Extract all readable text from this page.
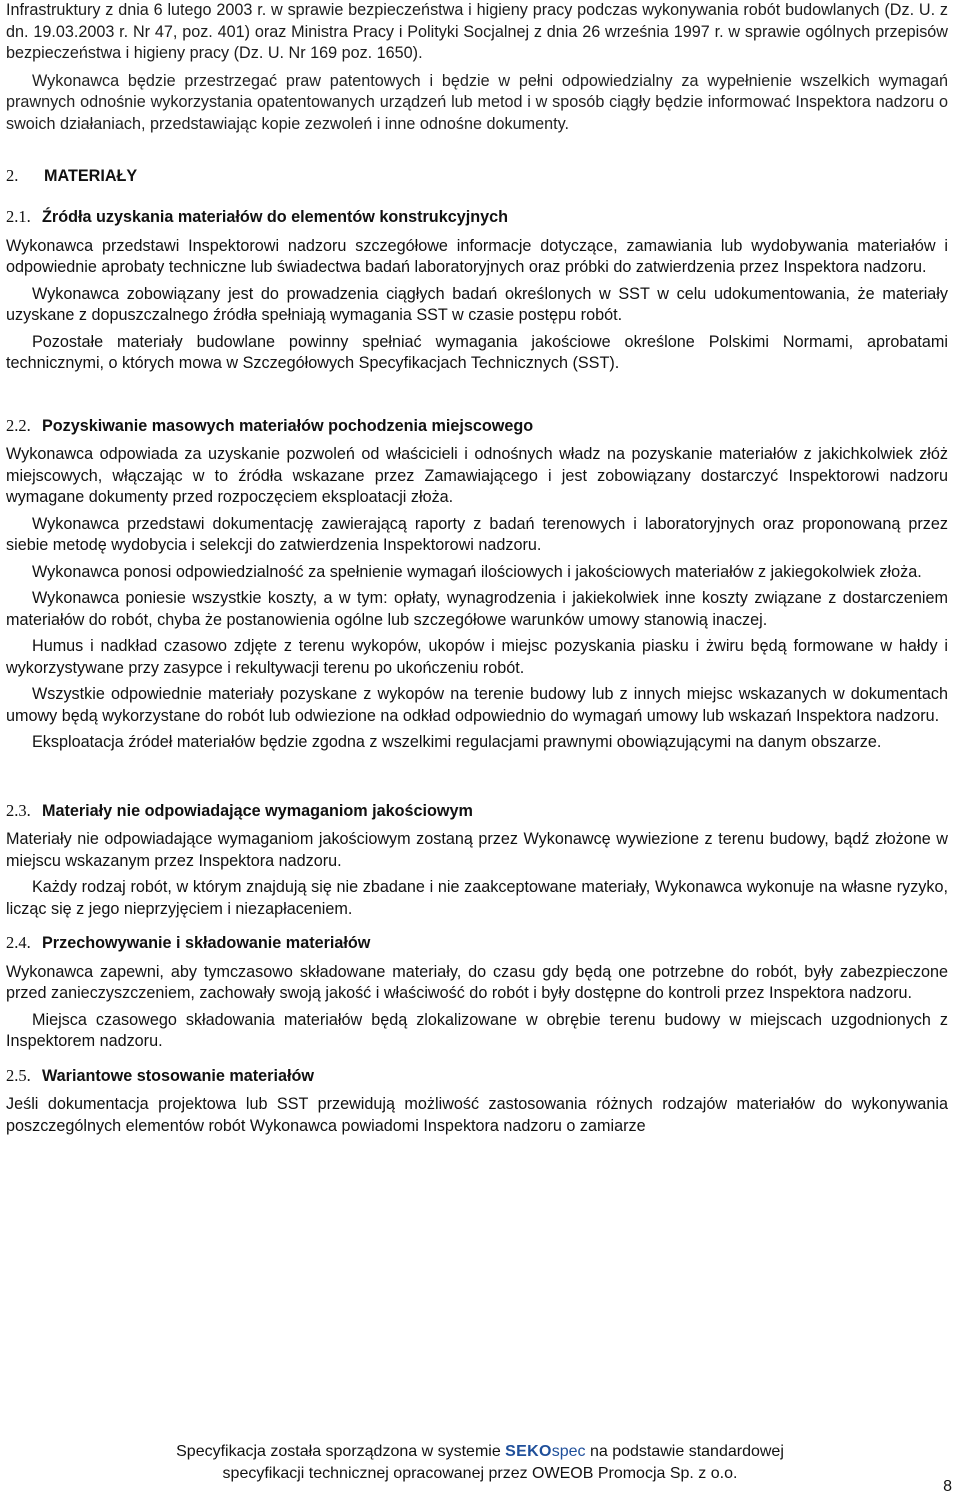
Infrastruktury z dnia 6 lutego 2003 r. w sprawie bezpieczeństwa i higieny pracy podczas wykonywania robót budowlanych (Dz. U. z dn. 19.03.2003 r. Nr 47, poz. 401) oraz Ministra Pracy i Polityki Socjalnej z dnia 26 września 1997 r. w sprawie ogólnych przepisów bezpieczeństwa i higieny pracy (Dz. U. Nr 169 poz. 1650).

Wykonawca będzie przestrzegać praw patentowych i będzie w pełni odpowiedzialny za wypełnienie wszelkich wymagań prawnych odnośnie wykorzystania opatentowanych urządzeń lub metod i w sposób ciągły będzie informować Inspektora nadzoru o swoich działaniach, przedstawiając kopie zezwoleń i inne odnośne dokumenty.

2.	MATERIAŁY
2.1. Źródła uzyskania materiałów do elementów konstrukcyjnych

Wykonawca przedstawi Inspektorowi nadzoru szczegółowe informacje dotyczące, zamawiania lub wydobywania materiałów i odpowiednie aprobaty techniczne lub świadectwa badań laboratoryjnych oraz próbki do zatwierdzenia przez Inspektora nadzoru.

Wykonawca zobowiązany jest do prowadzenia ciągłych badań określonych w SST w celu udokumentowania, że materiały uzyskane z dopuszczalnego źródła spełniają wymagania SST w czasie postępu robót.

Pozostałe materiały budowlane powinny spełniać wymagania jakościowe określone Polskimi Normami, aprobatami technicznymi, o których mowa w Szczegółowych Specyfikacjach Technicznych (SST).

2.2. Pozyskiwanie masowych materiałów pochodzenia miejscowego

Wykonawca odpowiada za uzyskanie pozwoleń od właścicieli i odnośnych władz na pozyskanie materiałów z jakichkolwiek złóż miejscowych, włączając w to źródła wskazane przez Zamawiającego i jest zobowiązany dostarczyć Inspektorowi nadzoru wymagane dokumenty przed rozpoczęciem eksploatacji złoża.

Wykonawca przedstawi dokumentację zawierającą raporty z badań terenowych i laboratoryjnych oraz proponowaną przez siebie metodę wydobycia i selekcji do zatwierdzenia Inspektorowi nadzoru.

Wykonawca ponosi odpowiedzialność za spełnienie wymagań ilościowych i jakościowych materiałów z jakiegokolwiek złoża.

Wykonawca poniesie wszystkie koszty, a w tym: opłaty, wynagrodzenia i jakiekolwiek inne koszty związane z dostarczeniem materiałów do robót, chyba że postanowienia ogólne lub szczegółowe warunków umowy stanowią inaczej.

Humus i nadkład czasowo zdjęte z terenu wykopów, ukopów i miejsc pozyskania piasku i żwiru będą formowane w hałdy i wykorzystywane przy zasypce i rekultywacji terenu po ukończeniu robót.

Wszystkie odpowiednie materiały pozyskane z wykopów na terenie budowy lub z innych miejsc wskazanych w dokumentach umowy będą wykorzystane do robót lub odwiezione na odkład odpowiednio do wymagań umowy lub wskazań Inspektora nadzoru.

Eksploatacja źródeł materiałów będzie zgodna z wszelkimi regulacjami prawnymi obowiązującymi na danym obszarze.

2.3. Materiały nie odpowiadające wymaganiom jakościowym

Materiały nie odpowiadające wymaganiom jakościowym zostaną przez Wykonawcę wywiezione z terenu budowy, bądź złożone w miejscu wskazanym przez Inspektora nadzoru.

Każdy rodzaj robót, w którym znajdują się nie zbadane i nie zaakceptowane materiały, Wykonawca wykonuje na własne ryzyko, licząc się z jego nieprzyjęciem i niezapłaceniem.

2.4. Przechowywanie i składowanie materiałów

Wykonawca zapewni, aby tymczasowo składowane materiały, do czasu gdy będą one potrzebne do robót, były zabezpieczone przed zanieczyszczeniem, zachowały swoją jakość i właściwość do robót i były dostępne do kontroli przez Inspektora nadzoru.

Miejsca czasowego składowania materiałów będą zlokalizowane w obrębie terenu budowy w miejscach uzgodnionych z Inspektorem nadzoru.

2.5. Wariantowe stosowanie materiałów

Jeśli dokumentacja projektowa lub SST przewidują możliwość zastosowania różnych rodzajów materiałów do wykonywania poszczególnych elementów robót Wykonawca powiadomi Inspektora nadzoru o zamiarze

Specyfikacja została sporządzona w systemie SEKOspec na podstawie standardowej
specyfikacji technicznej opracowanej przez OWEOB Promocja Sp. z o.o.
8
